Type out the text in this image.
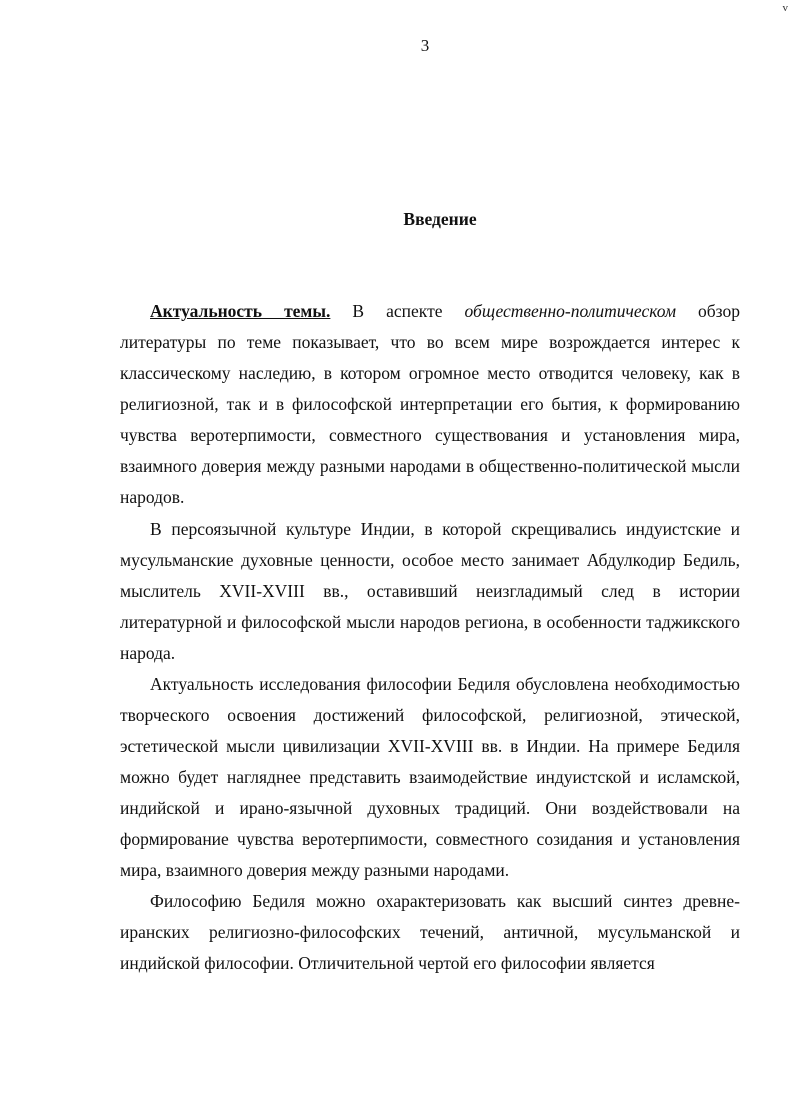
v
3
Введение

Актуальность темы. В аспекте общественно-политическом обзор литературы по теме показывает, что во всем мире возрождается интерес к классическому наследию, в котором огромное место отводится человеку, как в религиозной, так и в философской интерпретации его бытия, к формированию чувства веротерпимости, совместного существования и установления мира, взаимного доверия между разными народами в общественно-политической мысли народов.

В персоязычной культуре Индии, в которой скрещивались индуистские и мусульманские духовные ценности, особое место занимает Абдулкодир Бедиль, мыслитель XVII-XVIII вв., оставивший неизгладимый след в истории литературной и философской мысли народов региона, в особенности таджикского народа.

Актуальность исследования философии Бедиля обусловлена необходимостью творческого освоения достижений философской, религиозной, этической, эстетической мысли цивилизации XVII-XVIII вв. в Индии. На примере Бедиля можно будет нагляднее представить взаимодействие индуистской и исламской, индийской и ирано-язычной духовных традиций. Они воздействовали на формирование чувства веротерпимости, совместного созидания и установления мира, взаимного доверия между разными народами.

Философию Бедиля можно охарактеризовать как высший синтез древне-иранских религиозно-философских течений, античной, мусульманской и индийской философии. Отличительной чертой его философии является
